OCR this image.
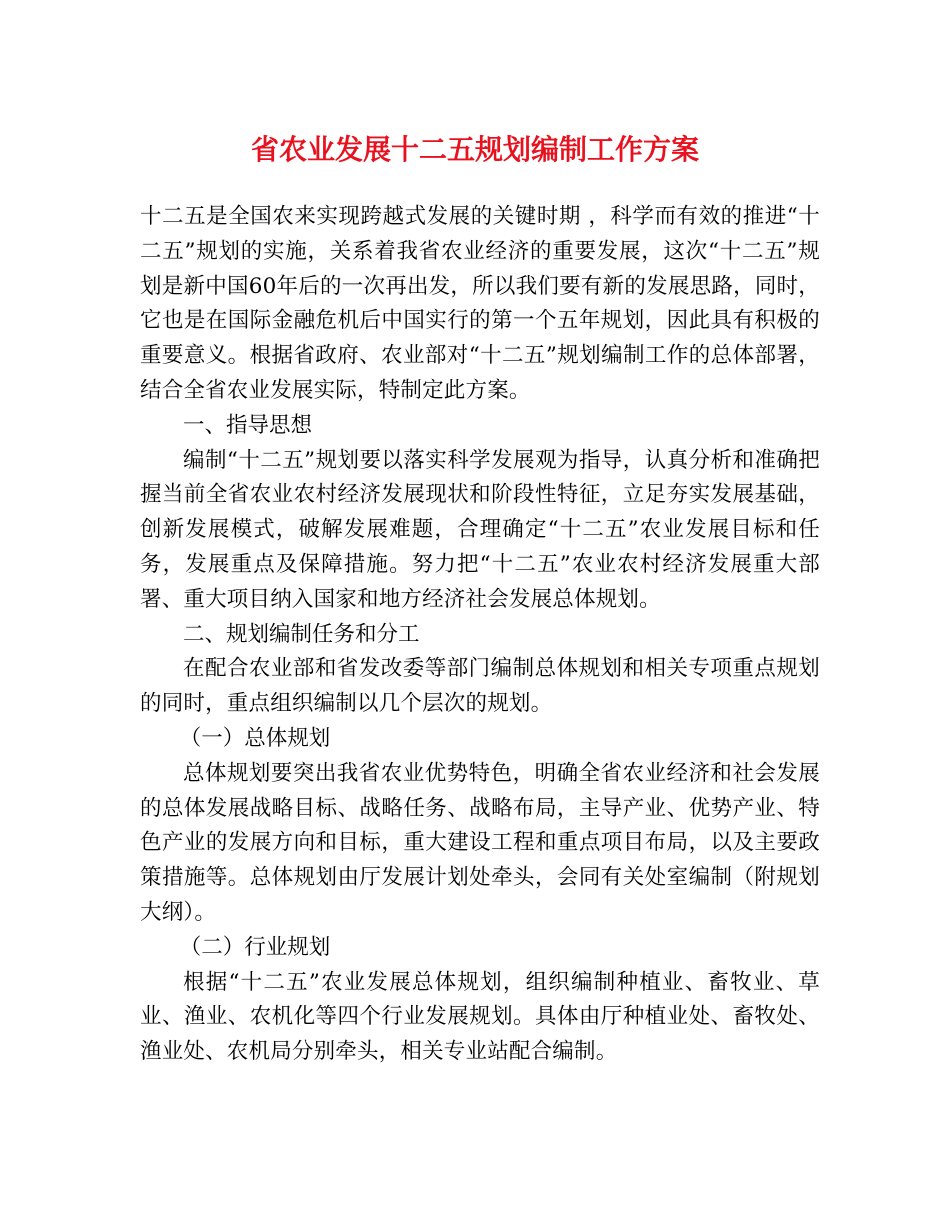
省农业发展十二五规划编制工作方案

十二五是全国农来实现跨越式发展的关键时期 ，科学而有效的推进“十二五”规划的实施，关系着我省农业经济的重要发展，这次“十二五”规划是新中国60年后的一次再出发，所以我们要有新的发展思路，同时，它也是在国际金融危机后中国实行的第一个五年规划，因此具有积极的重要意义。根据省政府、农业部对“十二五”规划编制工作的总体部署，结合全省农业发展实际，特制定此方案。

一、指导思想

编制“十二五”规划要以落实科学发展观为指导，认真分析和准确把握当前全省农业农村经济发展现状和阶段性特征，立足夯实发展基础，创新发展模式，破解发展难题，合理确定“十二五”农业发展目标和任务，发展重点及保障措施。努力把“十二五”农业农村经济发展重大部署、重大项目纳入国家和地方经济社会发展总体规划。

二、规划编制任务和分工

在配合农业部和省发改委等部门编制总体规划和相关专项重点规划的同时，重点组织编制以几个层次的规划。

（一）总体规划

总体规划要突出我省农业优势特色，明确全省农业经济和社会发展的总体发展战略目标、战略任务、战略布局，主导产业、优势产业、特色产业的发展方向和目标，重大建设工程和重点项目布局，以及主要政策措施等。总体规划由厅发展计划处牵头，会同有关处室编制（附规划大纲）。

（二）行业规划

根据“十二五”农业发展总体规划，组织编制种植业、畜牧业、草业、渔业、农机化等四个行业发展规划。具体由厅种植业处、畜牧处、渔业处、农机局分别牵头，相关专业站配合编制。
